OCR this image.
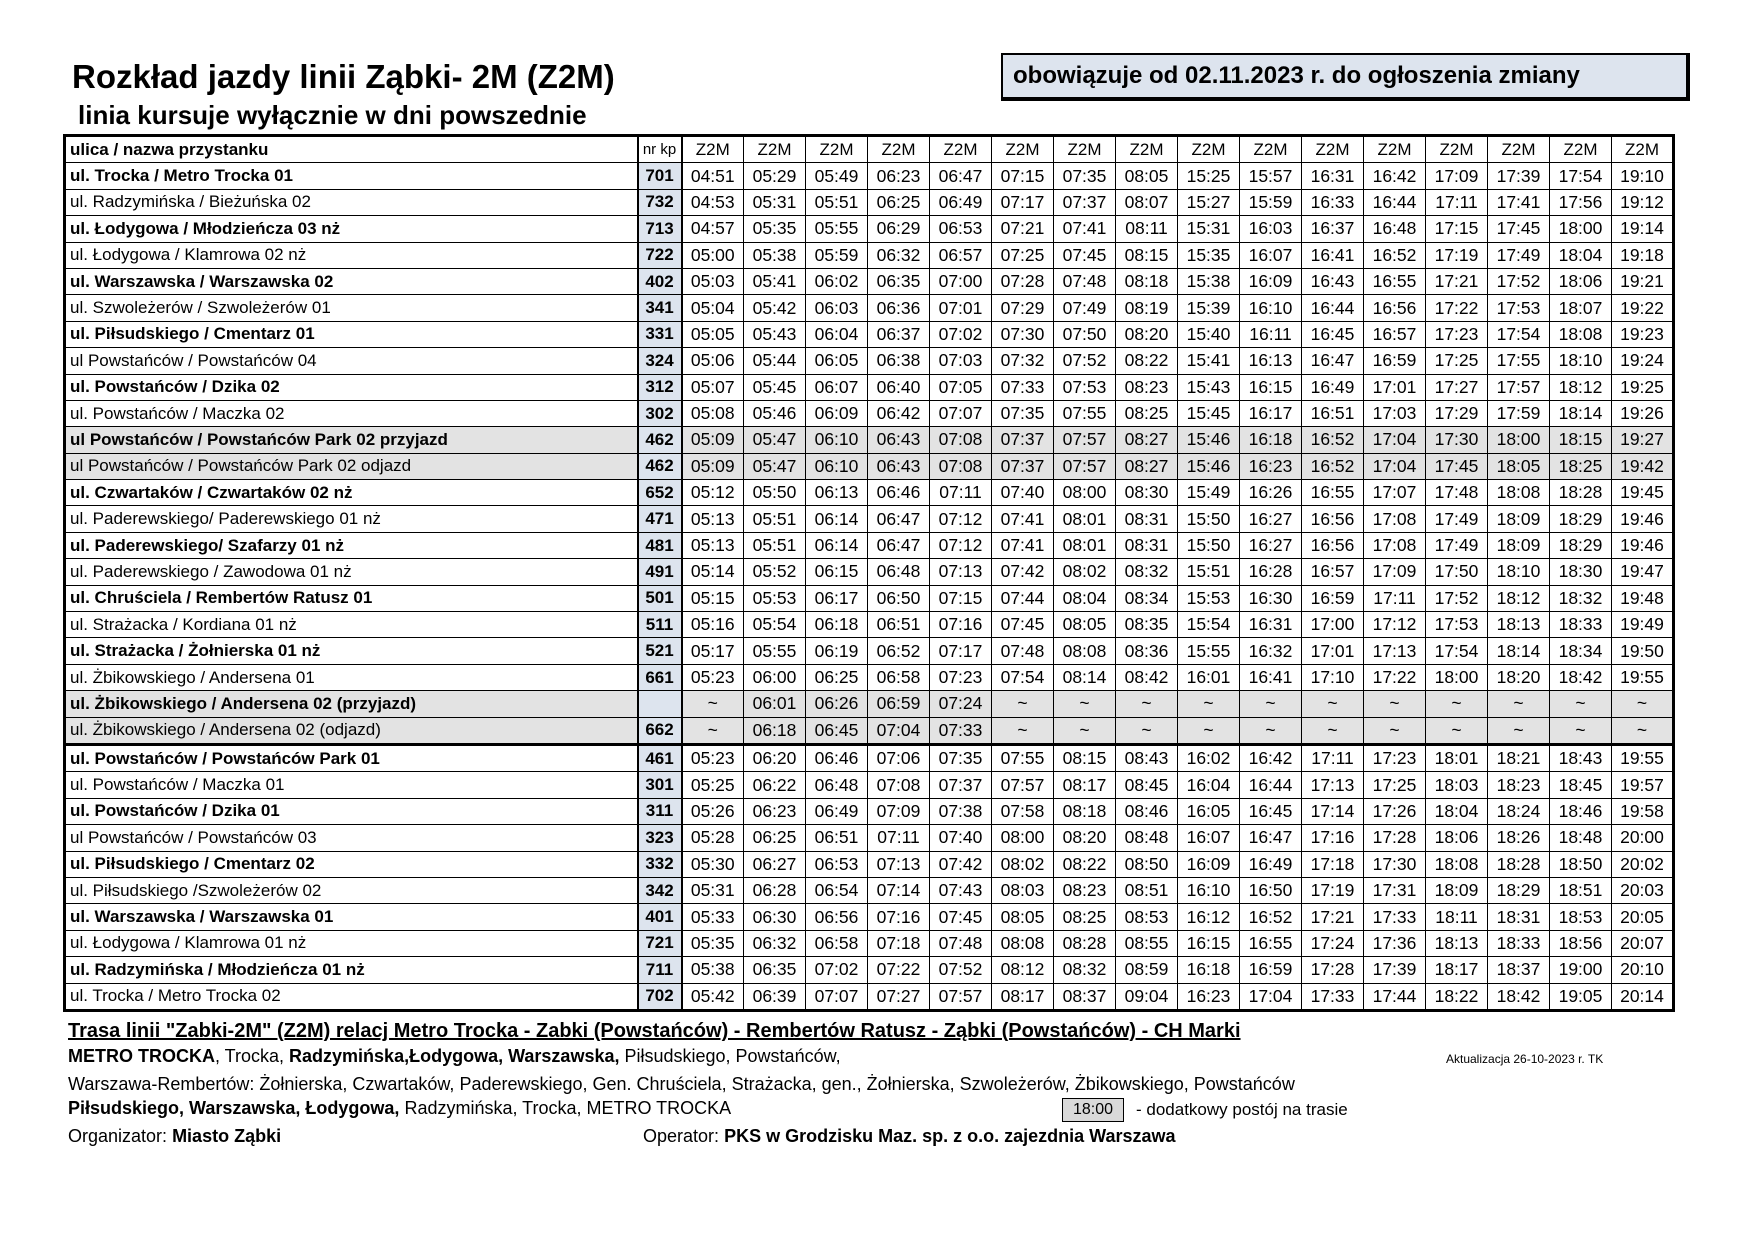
Rozkład jazdy linii Ząbki- 2M (Z2M)
linia kursuje wyłącznie w dni powszednie
obowiązuje od 02.11.2023 r. do ogłoszenia zmiany
ulica / nazwa przystanku	nr kp	Z2M	Z2M	Z2M	Z2M	Z2M	Z2M	Z2M	Z2M	Z2M	Z2M	Z2M	Z2M	Z2M	Z2M	Z2M	Z2M
ul. Trocka / Metro Trocka 01	701	04:51	05:29	05:49	06:23	06:47	07:15	07:35	08:05	15:25	15:57	16:31	16:42	17:09	17:39	17:54	19:10
ul. Radzymińska / Bieżuńska 02	732	04:53	05:31	05:51	06:25	06:49	07:17	07:37	08:07	15:27	15:59	16:33	16:44	17:11	17:41	17:56	19:12
ul. Łodygowa / Młodzieńcza 03 nż	713	04:57	05:35	05:55	06:29	06:53	07:21	07:41	08:11	15:31	16:03	16:37	16:48	17:15	17:45	18:00	19:14
ul. Łodygowa / Klamrowa 02 nż	722	05:00	05:38	05:59	06:32	06:57	07:25	07:45	08:15	15:35	16:07	16:41	16:52	17:19	17:49	18:04	19:18
ul. Warszawska / Warszawska 02	402	05:03	05:41	06:02	06:35	07:00	07:28	07:48	08:18	15:38	16:09	16:43	16:55	17:21	17:52	18:06	19:21
ul. Szwoleżerów / Szwoleżerów 01	341	05:04	05:42	06:03	06:36	07:01	07:29	07:49	08:19	15:39	16:10	16:44	16:56	17:22	17:53	18:07	19:22
ul. Piłsudskiego / Cmentarz 01	331	05:05	05:43	06:04	06:37	07:02	07:30	07:50	08:20	15:40	16:11	16:45	16:57	17:23	17:54	18:08	19:23
ul Powstańców / Powstańców 04	324	05:06	05:44	06:05	06:38	07:03	07:32	07:52	08:22	15:41	16:13	16:47	16:59	17:25	17:55	18:10	19:24
ul. Powstańców / Dzika 02	312	05:07	05:45	06:07	06:40	07:05	07:33	07:53	08:23	15:43	16:15	16:49	17:01	17:27	17:57	18:12	19:25
ul. Powstańców / Maczka 02	302	05:08	05:46	06:09	06:42	07:07	07:35	07:55	08:25	15:45	16:17	16:51	17:03	17:29	17:59	18:14	19:26
ul Powstańców / Powstańców Park 02 przyjazd	462	05:09	05:47	06:10	06:43	07:08	07:37	07:57	08:27	15:46	16:18	16:52	17:04	17:30	18:00	18:15	19:27
ul Powstańców / Powstańców Park 02 odjazd	462	05:09	05:47	06:10	06:43	07:08	07:37	07:57	08:27	15:46	16:23	16:52	17:04	17:45	18:05	18:25	19:42
ul. Czwartaków / Czwartaków 02 nż	652	05:12	05:50	06:13	06:46	07:11	07:40	08:00	08:30	15:49	16:26	16:55	17:07	17:48	18:08	18:28	19:45
ul. Paderewskiego/ Paderewskiego 01 nż	471	05:13	05:51	06:14	06:47	07:12	07:41	08:01	08:31	15:50	16:27	16:56	17:08	17:49	18:09	18:29	19:46
ul. Paderewskiego/ Szafarzy 01 nż	481	05:13	05:51	06:14	06:47	07:12	07:41	08:01	08:31	15:50	16:27	16:56	17:08	17:49	18:09	18:29	19:46
ul. Paderewskiego / Zawodowa 01 nż	491	05:14	05:52	06:15	06:48	07:13	07:42	08:02	08:32	15:51	16:28	16:57	17:09	17:50	18:10	18:30	19:47
ul. Chruściela / Rembertów Ratusz 01	501	05:15	05:53	06:17	06:50	07:15	07:44	08:04	08:34	15:53	16:30	16:59	17:11	17:52	18:12	18:32	19:48
ul. Strażacka / Kordiana 01 nż	511	05:16	05:54	06:18	06:51	07:16	07:45	08:05	08:35	15:54	16:31	17:00	17:12	17:53	18:13	18:33	19:49
ul. Strażacka / Żołnierska 01 nż	521	05:17	05:55	06:19	06:52	07:17	07:48	08:08	08:36	15:55	16:32	17:01	17:13	17:54	18:14	18:34	19:50
ul. Żbikowskiego / Andersena 01	661	05:23	06:00	06:25	06:58	07:23	07:54	08:14	08:42	16:01	16:41	17:10	17:22	18:00	18:20	18:42	19:55
ul. Żbikowskiego / Andersena 02 (przyjazd)		~	06:01	06:26	06:59	07:24	~	~	~	~	~	~	~	~	~	~	~
ul. Żbikowskiego / Andersena 02 (odjazd)	662	~	06:18	06:45	07:04	07:33	~	~	~	~	~	~	~	~	~	~	~
ul. Powstańców / Powstańców Park 01	461	05:23	06:20	06:46	07:06	07:35	07:55	08:15	08:43	16:02	16:42	17:11	17:23	18:01	18:21	18:43	19:55
ul. Powstańców / Maczka 01	301	05:25	06:22	06:48	07:08	07:37	07:57	08:17	08:45	16:04	16:44	17:13	17:25	18:03	18:23	18:45	19:57
ul. Powstańców / Dzika 01	311	05:26	06:23	06:49	07:09	07:38	07:58	08:18	08:46	16:05	16:45	17:14	17:26	18:04	18:24	18:46	19:58
ul Powstańców / Powstańców 03	323	05:28	06:25	06:51	07:11	07:40	08:00	08:20	08:48	16:07	16:47	17:16	17:28	18:06	18:26	18:48	20:00
ul. Piłsudskiego / Cmentarz 02	332	05:30	06:27	06:53	07:13	07:42	08:02	08:22	08:50	16:09	16:49	17:18	17:30	18:08	18:28	18:50	20:02
ul. Piłsudskiego /Szwoleżerów 02	342	05:31	06:28	06:54	07:14	07:43	08:03	08:23	08:51	16:10	16:50	17:19	17:31	18:09	18:29	18:51	20:03
ul. Warszawska / Warszawska 01	401	05:33	06:30	06:56	07:16	07:45	08:05	08:25	08:53	16:12	16:52	17:21	17:33	18:11	18:31	18:53	20:05
ul. Łodygowa / Klamrowa 01 nż	721	05:35	06:32	06:58	07:18	07:48	08:08	08:28	08:55	16:15	16:55	17:24	17:36	18:13	18:33	18:56	20:07
ul. Radzymińska / Młodzieńcza 01 nż	711	05:38	06:35	07:02	07:22	07:52	08:12	08:32	08:59	16:18	16:59	17:28	17:39	18:17	18:37	19:00	20:10
ul. Trocka / Metro Trocka 02	702	05:42	06:39	07:07	07:27	07:57	08:17	08:37	09:04	16:23	17:04	17:33	17:44	18:22	18:42	19:05	20:14
Trasa linii "Zabki-2M" (Z2M) relacj Metro Trocka - Zabki (Powstańców) - Rembertów Ratusz - Ząbki (Powstańców) - CH Marki
Aktualizacja 26-10-2023 r. TK
METRO TROCKA, Trocka, Radzymińska,Łodygowa, Warszawska, Piłsudskiego, Powstańców,
Warszawa-Rembertów: Żołnierska, Czwartaków, Paderewskiego, Gen. Chruściela, Strażacka, gen., Żołnierska, Szwoleżerów, Żbikowskiego, Powstańców
Piłsudskiego, Warszawska, Łodygowa, Radzymińska, Trocka, METRO TROCKA	18:00	- dodatkowy postój na trasie
Organizator: Miasto Ząbki	Operator: PKS w Grodzisku Maz. sp. z o.o. zajezdnia Warszawa
